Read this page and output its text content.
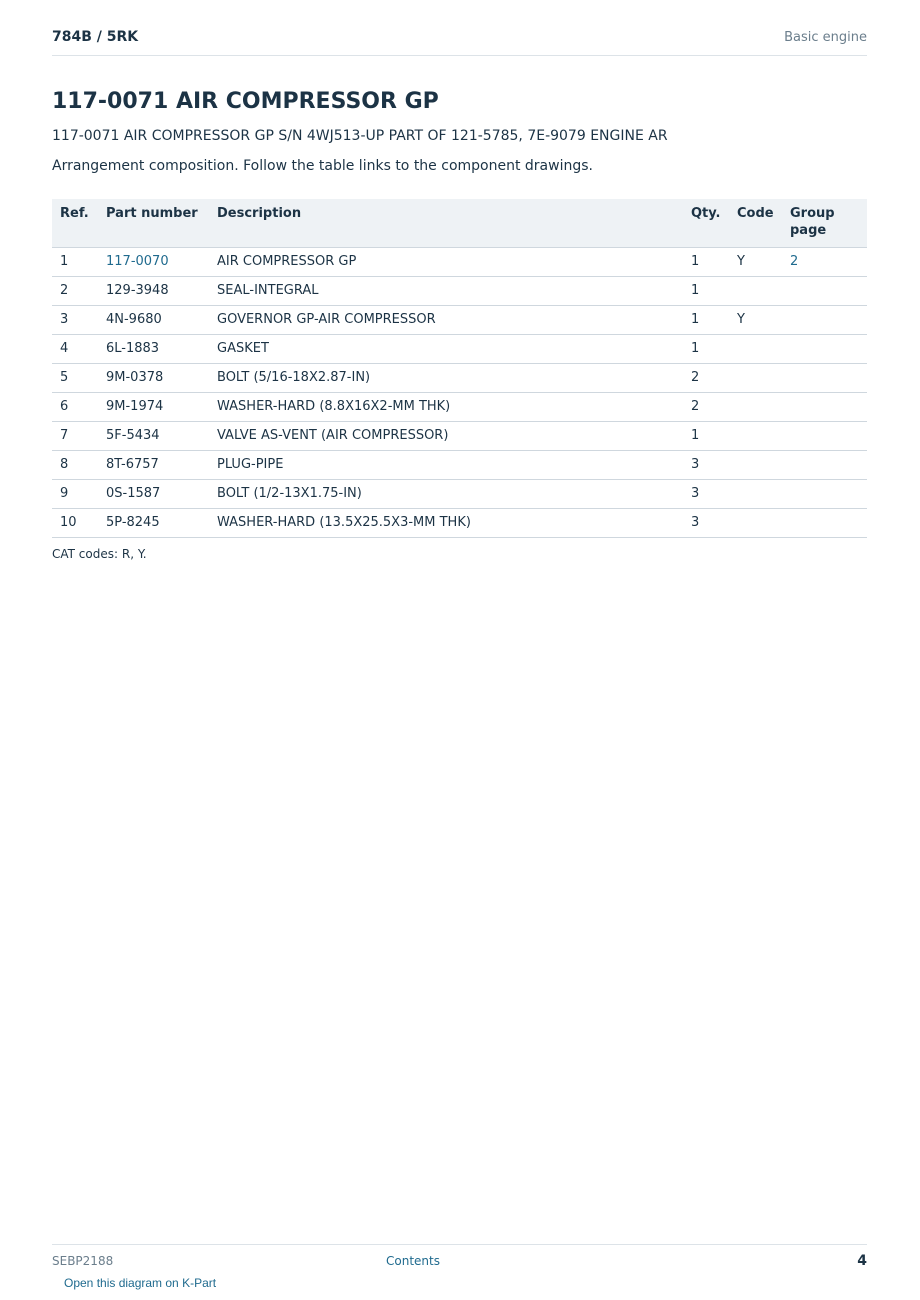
784B / 5RK	Basic engine
117-0071 AIR COMPRESSOR GP
117-0071 AIR COMPRESSOR GP S/N 4WJ513-UP PART OF 121-5785, 7E-9079 ENGINE AR
Arrangement composition. Follow the table links to the component drawings.
Ref.	Part number	Description	Qty.	Code	Group page
1	117-0070	AIR COMPRESSOR GP	1	Y	2
2	129-3948	SEAL-INTEGRAL	1		
3	4N-9680	GOVERNOR GP-AIR COMPRESSOR	1	Y	
4	6L-1883	GASKET	1		
5	9M-0378	BOLT (5/16-18X2.87-IN)	2		
6	9M-1974	WASHER-HARD (8.8X16X2-MM THK)	2		
7	5F-5434	VALVE AS-VENT (AIR COMPRESSOR)	1		
8	8T-6757	PLUG-PIPE	3		
9	0S-1587	BOLT (1/2-13X1.75-IN)	3		
10	5P-8245	WASHER-HARD (13.5X25.5X3-MM THK)	3		
CAT codes: R, Y.
SEBP2188	Contents	4
Open this diagram on K-Part
